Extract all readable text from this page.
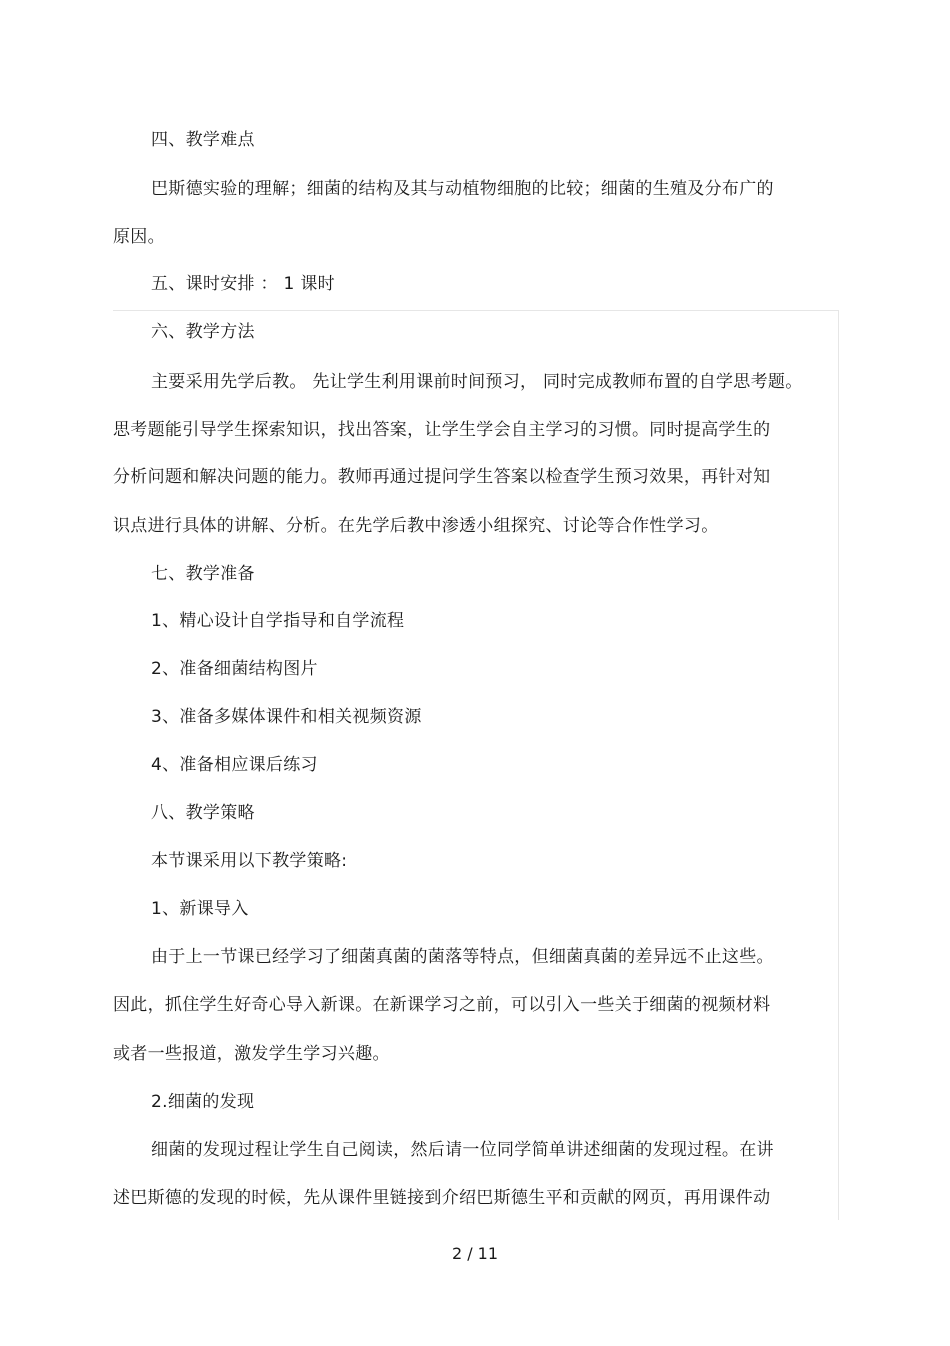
四、教学难点
巴斯德实验的理解；细菌的结构及其与动植物细胞的比较；细菌的生殖及分布广的
原因。
五、课时安排 ： 1 课时
六、教学方法
主要采用先学后教。 先让学生利用课前时间预习， 同时完成教师布置的自学思考题。
思考题能引导学生探索知识，找出答案，让学生学会自主学习的习惯。同时提高学生的
分析问题和解决问题的能力。教师再通过提问学生答案以检查学生预习效果，再针对知
识点进行具体的讲解、分析。在先学后教中渗透小组探究、讨论等合作性学习。
七、教学准备
1、精心设计自学指导和自学流程
2、准备细菌结构图片
3、准备多媒体课件和相关视频资源
4、准备相应课后练习
八、教学策略
本节课采用以下教学策略:
1、新课导入
由于上一节课已经学习了细菌真菌的菌落等特点，但细菌真菌的差异远不止这些。
因此，抓住学生好奇心导入新课。在新课学习之前，可以引入一些关于细菌的视频材料
或者一些报道，激发学生学习兴趣。
2.细菌的发现
细菌的发现过程让学生自己阅读，然后请一位同学简单讲述细菌的发现过程。在讲
述巴斯德的发现的时候，先从课件里链接到介绍巴斯德生平和贡献的网页，再用课件动
2 / 11
